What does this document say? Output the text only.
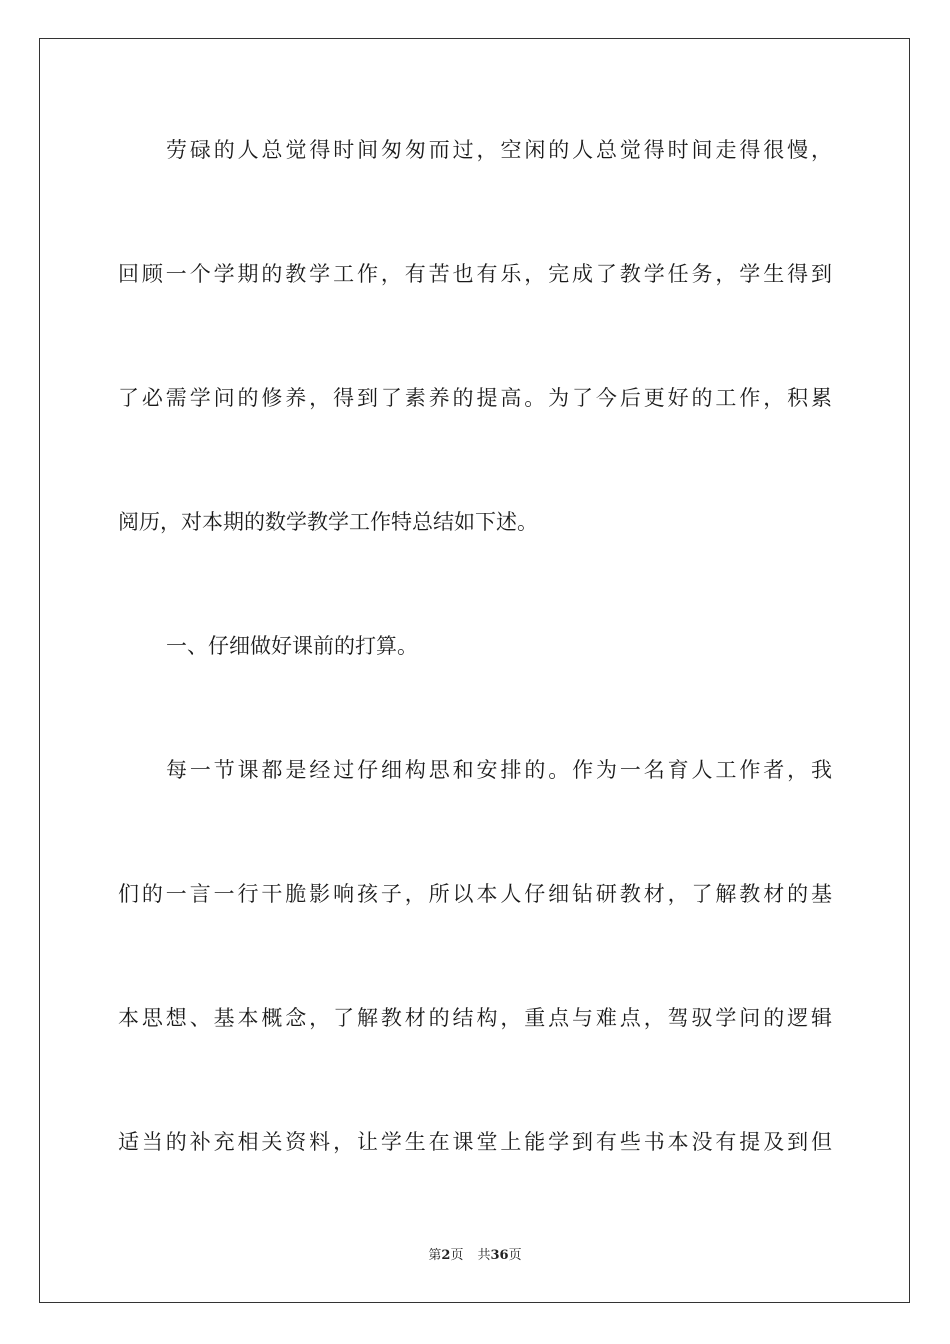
劳碌的人总觉得时间匆匆而过，空闲的人总觉得时间走得很慢，
回顾一个学期的教学工作，有苦也有乐，完成了教学任务，学生得到
了必需学问的修养，得到了素养的提高。为了今后更好的工作，积累
阅历，对本期的数学教学工作特总结如下述。
一、仔细做好课前的打算。
每一节课都是经过仔细构思和安排的。作为一名育人工作者，我
们的一言一行干脆影响孩子，所以本人仔细钻研教材，了解教材的基
本思想、基本概念，了解教材的结构，重点与难点，驾驭学问的逻辑
适当的补充相关资料，让学生在课堂上能学到有些书本没有提及到但
第2页 共36页
